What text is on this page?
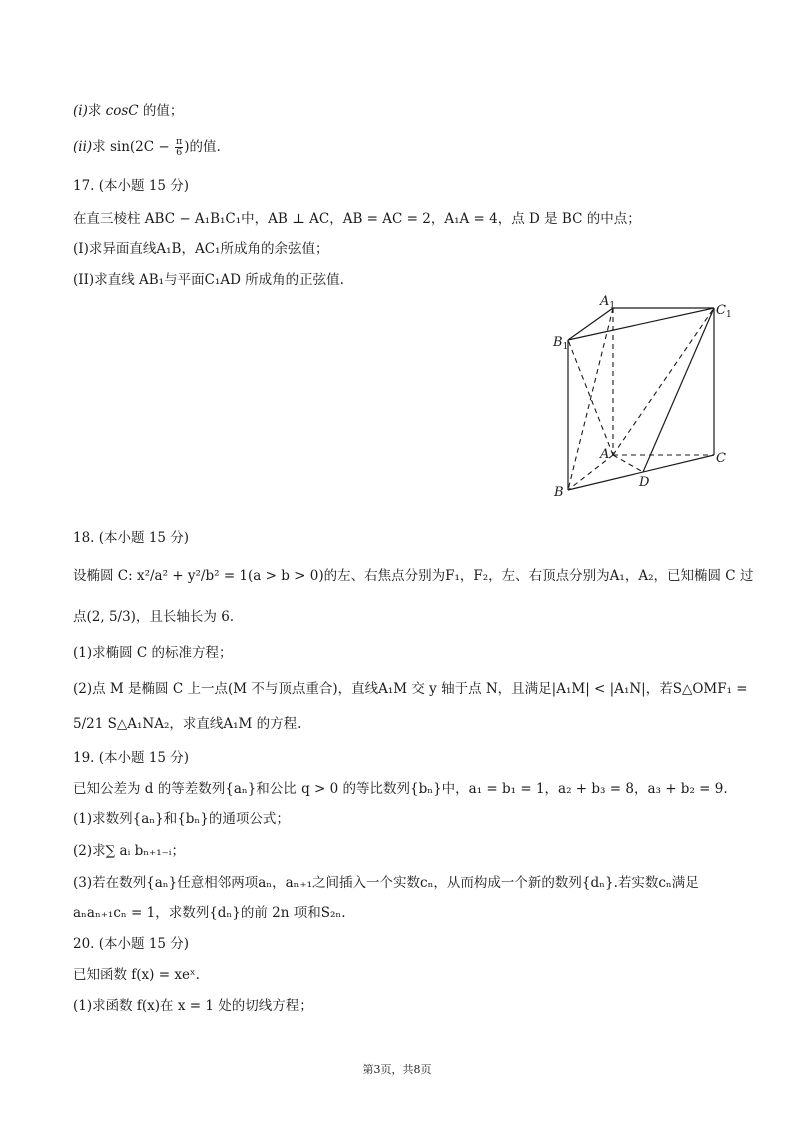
(i)求 cosC 的值；
(ii)求 $\sin(2C - \frac{\pi}{6}$ )的值.
17. (本小题 15 分)
在直三棱柱 ABC − A₁B₁C₁中，AB ⊥ AC，AB = AC = 2，A₁A = 4，点 D 是 BC 的中点；
(I)求异面直线A₁B，AC₁所成角的余弦值；
(II)求直线 AB₁与平面C₁AD 所成角的正弦值.
$A_1$	$C_1$
$B_1$
A	C
B
D
18. (本小题 15 分)
设椭圆 C: x²/a² + y²/b² = 1(a > b > 0)的左、右焦点分别为F₁，F₂，左、右顶点分别为A₁，A₂，已知椭圆 C 过
点(2, 5/3)，且长轴长为 6.
(1)求椭圆 C 的标准方程；
(2)点 M 是椭圆 C 上一点(M 不与顶点重合)，直线A₁M 交 y 轴于点 N，且满足|A₁M| < |A₁N|，若S△OMF₁ =
5/21 S△A₁NA₂，求直线A₁M 的方程.
19. (本小题 15 分)
已知公差为 d 的等差数列{aₙ}和公比 q > 0 的等比数列{bₙ}中，a₁ = b₁ = 1，a₂ + b₃ = 8，a₃ + b₂ = 9.
(1)求数列{aₙ}和{bₙ}的通项公式；
(2)求∑ aᵢ bₙ₊₁₋ᵢ；
(3)若在数列{aₙ}任意相邻两项aₙ，aₙ₊₁之间插入一个实数cₙ，从而构成一个新的数列{dₙ}.若实数cₙ满足
aₙaₙ₊₁cₙ = 1，求数列{dₙ}的前 2n 项和S₂ₙ.
20. (本小题 15 分)
已知函数 f(x) = xeˣ.
(1)求函数 f(x)在 x = 1 处的切线方程；
第3页，共8页
